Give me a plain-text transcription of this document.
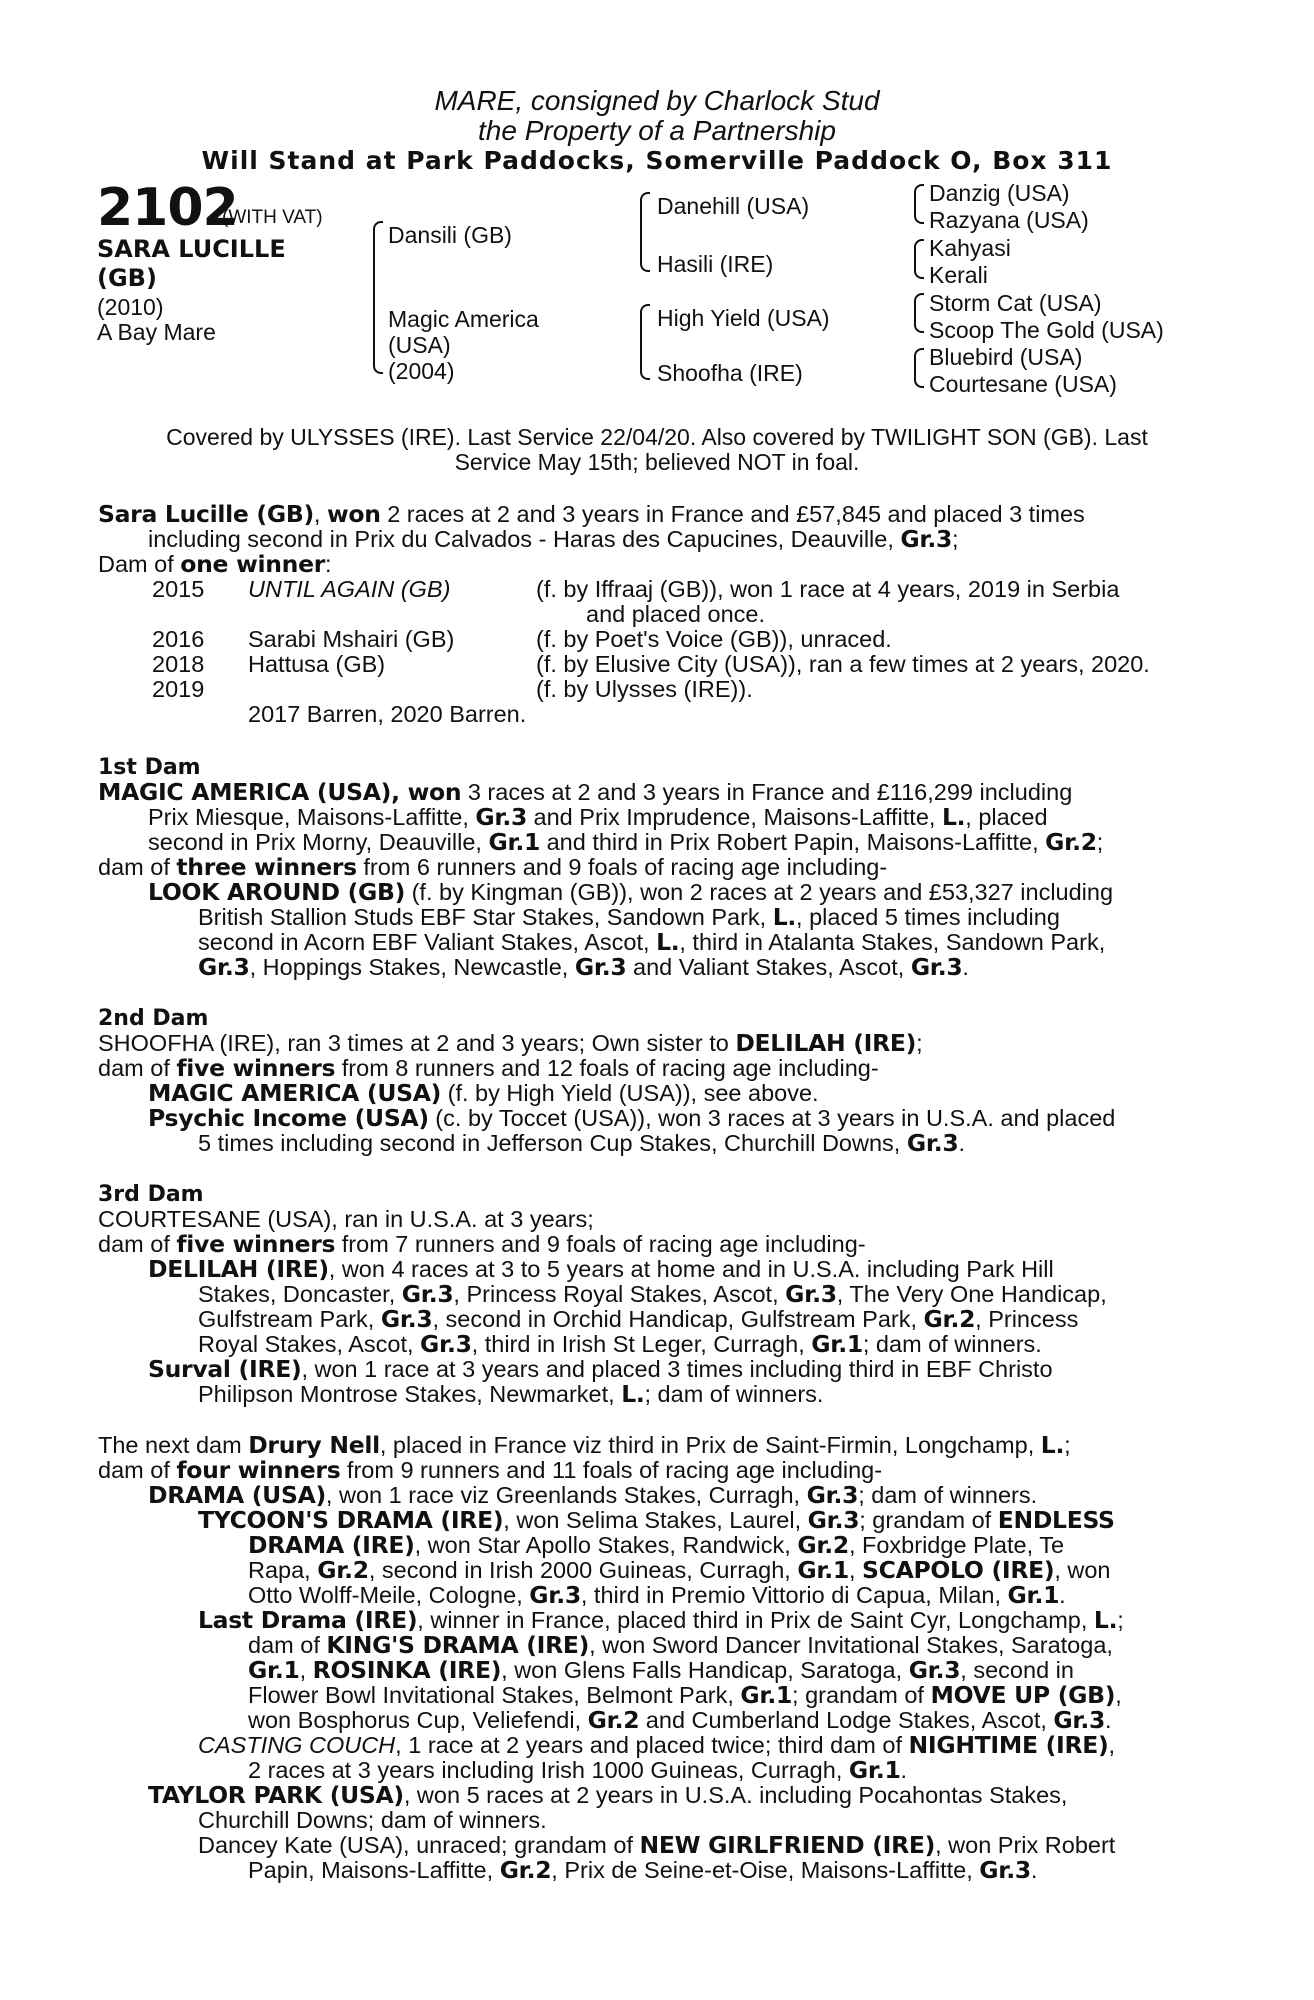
MARE, consigned by Charlock Stud
the Property of a Partnership
Will Stand at Park Paddocks, Somerville Paddock O, Box 311
2102
(WITH VAT)
SARA LUCILLE
(GB)
(2010)
A Bay Mare
Dansili (GB)
Magic America
(USA)
(2004)
Danehill (USA)
Hasili (IRE)
High Yield (USA)
Shoofha (IRE)
Danzig (USA)
Razyana (USA)
Kahyasi
Kerali
Storm Cat (USA)
Scoop The Gold (USA)
Bluebird (USA)
Courtesane (USA)
Covered by ULYSSES (IRE). Last Service 22/04/20. Also covered by TWILIGHT SON (GB). Last
Service May 15th; believed NOT in foal.
Sara Lucille (GB), won 2 races at 2 and 3 years in France and £57,845 and placed 3 times
including second in Prix du Calvados - Haras des Capucines, Deauville, Gr.3;
Dam of one winner:
2015 UNTIL AGAIN (GB)	(f. by Iffraaj (GB)), won 1 race at 4 years, 2019 in Serbia
and placed once.
2016 Sarabi Mshairi (GB)	(f. by Poet's Voice (GB)), unraced.
2018 Hattusa (GB)	(f. by Elusive City (USA)), ran a few times at 2 years, 2020.
2019	(f. by Ulysses (IRE)).
2017 Barren, 2020 Barren.
1st Dam
MAGIC AMERICA (USA), won 3 races at 2 and 3 years in France and £116,299 including
Prix Miesque, Maisons-Laffitte, Gr.3 and Prix Imprudence, Maisons-Laffitte, L., placed
second in Prix Morny, Deauville, Gr.1 and third in Prix Robert Papin, Maisons-Laffitte, Gr.2;
dam of three winners from 6 runners and 9 foals of racing age including-
LOOK AROUND (GB) (f. by Kingman (GB)), won 2 races at 2 years and £53,327 including
British Stallion Studs EBF Star Stakes, Sandown Park, L., placed 5 times including
second in Acorn EBF Valiant Stakes, Ascot, L., third in Atalanta Stakes, Sandown Park,
Gr.3, Hoppings Stakes, Newcastle, Gr.3 and Valiant Stakes, Ascot, Gr.3.
2nd Dam
SHOOFHA (IRE), ran 3 times at 2 and 3 years; Own sister to DELILAH (IRE);
dam of five winners from 8 runners and 12 foals of racing age including-
MAGIC AMERICA (USA) (f. by High Yield (USA)), see above.
Psychic Income (USA) (c. by Toccet (USA)), won 3 races at 3 years in U.S.A. and placed
5 times including second in Jefferson Cup Stakes, Churchill Downs, Gr.3.
3rd Dam
COURTESANE (USA), ran in U.S.A. at 3 years;
dam of five winners from 7 runners and 9 foals of racing age including-
DELILAH (IRE), won 4 races at 3 to 5 years at home and in U.S.A. including Park Hill
Stakes, Doncaster, Gr.3, Princess Royal Stakes, Ascot, Gr.3, The Very One Handicap,
Gulfstream Park, Gr.3, second in Orchid Handicap, Gulfstream Park, Gr.2, Princess
Royal Stakes, Ascot, Gr.3, third in Irish St Leger, Curragh, Gr.1; dam of winners.
Surval (IRE), won 1 race at 3 years and placed 3 times including third in EBF Christo
Philipson Montrose Stakes, Newmarket, L.; dam of winners.
The next dam Drury Nell, placed in France viz third in Prix de Saint-Firmin, Longchamp, L.;
dam of four winners from 9 runners and 11 foals of racing age including-
DRAMA (USA), won 1 race viz Greenlands Stakes, Curragh, Gr.3; dam of winners.
TYCOON'S DRAMA (IRE), won Selima Stakes, Laurel, Gr.3; grandam of ENDLESS
DRAMA (IRE), won Star Apollo Stakes, Randwick, Gr.2, Foxbridge Plate, Te
Rapa, Gr.2, second in Irish 2000 Guineas, Curragh, Gr.1, SCAPOLO (IRE), won
Otto Wolff-Meile, Cologne, Gr.3, third in Premio Vittorio di Capua, Milan, Gr.1.
Last Drama (IRE), winner in France, placed third in Prix de Saint Cyr, Longchamp, L.;
dam of KING'S DRAMA (IRE), won Sword Dancer Invitational Stakes, Saratoga,
Gr.1, ROSINKA (IRE), won Glens Falls Handicap, Saratoga, Gr.3, second in
Flower Bowl Invitational Stakes, Belmont Park, Gr.1; grandam of MOVE UP (GB),
won Bosphorus Cup, Veliefendi, Gr.2 and Cumberland Lodge Stakes, Ascot, Gr.3.
CASTING COUCH, 1 race at 2 years and placed twice; third dam of NIGHTIME (IRE),
2 races at 3 years including Irish 1000 Guineas, Curragh, Gr.1.
TAYLOR PARK (USA), won 5 races at 2 years in U.S.A. including Pocahontas Stakes,
Churchill Downs; dam of winners.
Dancey Kate (USA), unraced; grandam of NEW GIRLFRIEND (IRE), won Prix Robert
Papin, Maisons-Laffitte, Gr.2, Prix de Seine-et-Oise, Maisons-Laffitte, Gr.3.
